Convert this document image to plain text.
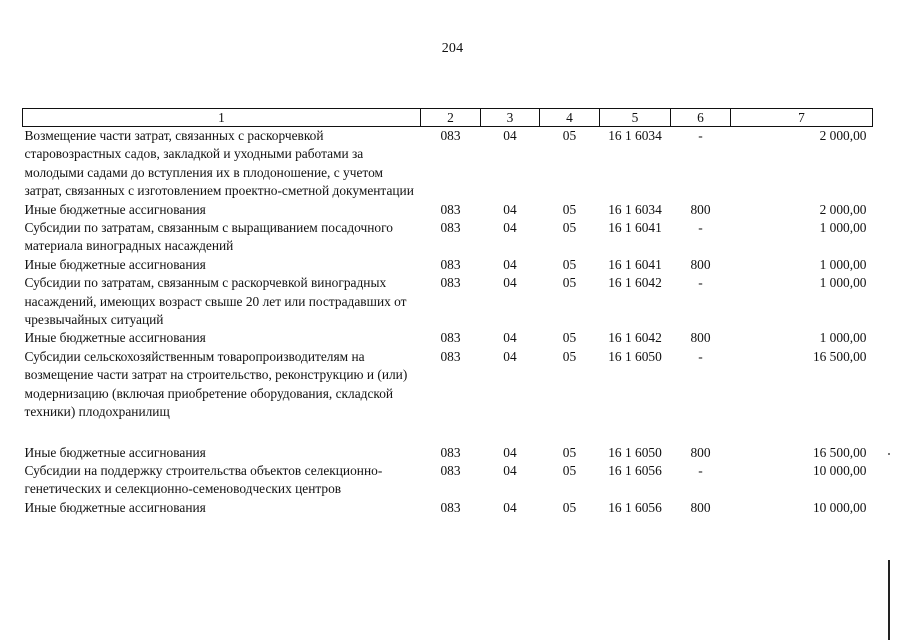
204
1	2	3	4	5	6	7
Возмещение части затрат, связанных с раскорчевкой старовозрастных садов, закладкой и уходными работами за молодыми садами до вступления их в плодоношение, с учетом затрат, связанных с изготовлением проектно-сметной документации	083	04	05	16 1 6034	-	2 000,00
Иные бюджетные ассигнования	083	04	05	16 1 6034	800	2 000,00
Субсидии по затратам, связанным с выращиванием посадочного материала виноградных насаждений	083	04	05	16 1 6041	-	1 000,00
Иные бюджетные ассигнования	083	04	05	16 1 6041	800	1 000,00
Субсидии по затратам, связанным с раскорчевкой виноградных насаждений, имеющих возраст свыше 20 лет или пострадавших от чрезвычайных ситуаций	083	04	05	16 1 6042	-	1 000,00
Иные бюджетные ассигнования	083	04	05	16 1 6042	800	1 000,00
Субсидии сельскохозяйственным товаропроизводителям на возмещение части затрат на строительство, реконструкцию и (или) модернизацию (включая приобретение оборудования, складской техники) плодохранилищ	083	04	05	16 1 6050	-	16 500,00
Иные бюджетные ассигнования	083	04	05	16 1 6050	800	16 500,00
Субсидии на поддержку строительства объектов селекционно-генетических и селекционно-семеноводческих центров	083	04	05	16 1 6056	-	10 000,00
Иные бюджетные ассигнования	083	04	05	16 1 6056	800	10 000,00
